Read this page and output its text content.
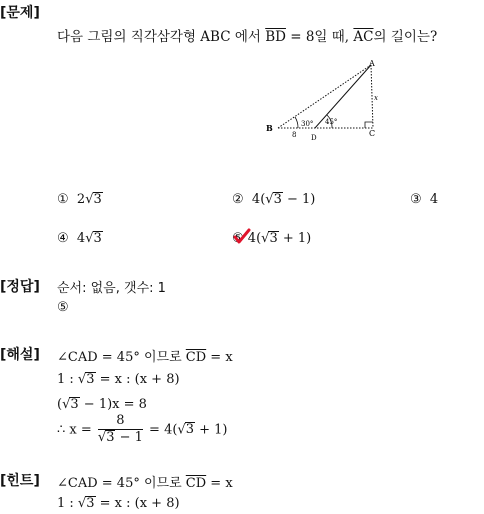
[문제]
다음 그림의 직각삼각형 ABC 에서 $\overline{BD} = 8$일 때, $\overline{AC}$의 길이는?
A
B
C
D
30° 45°
x
8
① 2√3	② 4(√3 − 1)	③ 4
④ 4√3	⑤ 4(√3 + 1)
[정답] 순서: 없음, 갯수: 1
⑤
[해설] ∠CAD = 45° 이므로 $\overline{CD} = x$
1 : √3 = x : (x + 8)
(√3 − 1)x = 8
∴ $x = \frac{8}{√3 - 1} = 4(√3 + 1)$
[힌트] ∠CAD = 45° 이므로 $\overline{CD} = x$
1 : √3 = x : (x + 8)
